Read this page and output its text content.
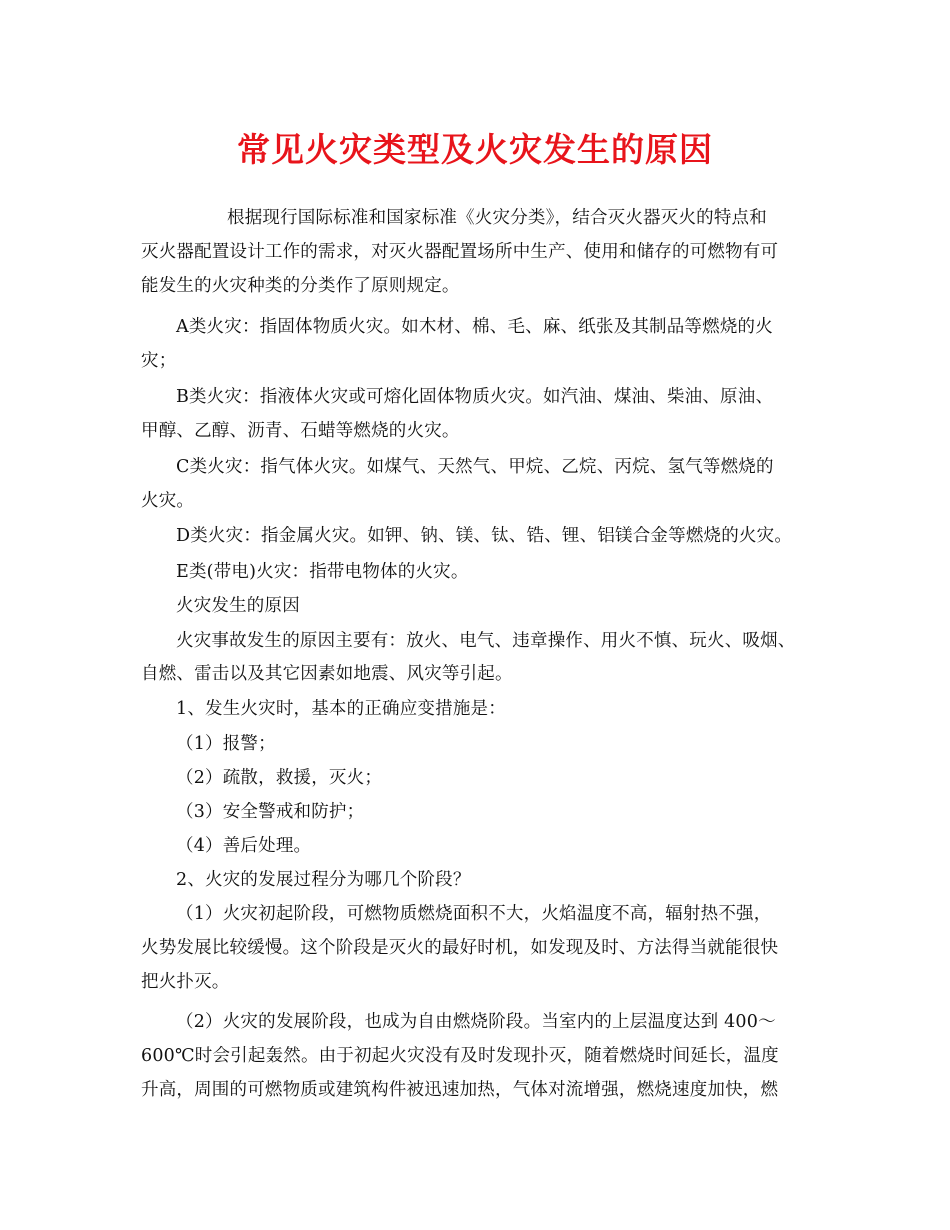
常见火灾类型及火灾发生的原因
根据现行国际标准和国家标准《火灾分类》，结合灭火器灭火的特点和
灭火器配置设计工作的需求，对灭火器配置场所中生产、使用和储存的可燃物有可
能发生的火灾种类的分类作了原则规定。
A类火灾：指固体物质火灾。如木材、棉、毛、麻、纸张及其制品等燃烧的火
灾；
B类火灾：指液体火灾或可熔化固体物质火灾。如汽油、煤油、柴油、原油、
甲醇、乙醇、沥青、石蜡等燃烧的火灾。
C类火灾：指气体火灾。如煤气、天然气、甲烷、乙烷、丙烷、氢气等燃烧的
火灾。
D类火灾：指金属火灾。如钾、钠、镁、钛、锆、锂、铝镁合金等燃烧的火灾。
E类(带电)火灾：指带电物体的火灾。
火灾发生的原因
火灾事故发生的原因主要有：放火、电气、违章操作、用火不慎、玩火、吸烟、
自燃、雷击以及其它因素如地震、风灾等引起。
1、发生火灾时，基本的正确应变措施是：
（1）报警；
（2）疏散，救援，灭火；
（3）安全警戒和防护；
（4）善后处理。
2、火灾的发展过程分为哪几个阶段？
（1）火灾初起阶段，可燃物质燃烧面积不大，火焰温度不高，辐射热不强，
火势发展比较缓慢。这个阶段是灭火的最好时机，如发现及时、方法得当就能很快
把火扑灭。
（2）火灾的发展阶段，也成为自由燃烧阶段。当室内的上层温度达到 400～
600℃时会引起轰然。由于初起火灾没有及时发现扑灭，随着燃烧时间延长，温度
升高，周围的可燃物质或建筑构件被迅速加热，气体对流增强，燃烧速度加快，燃
